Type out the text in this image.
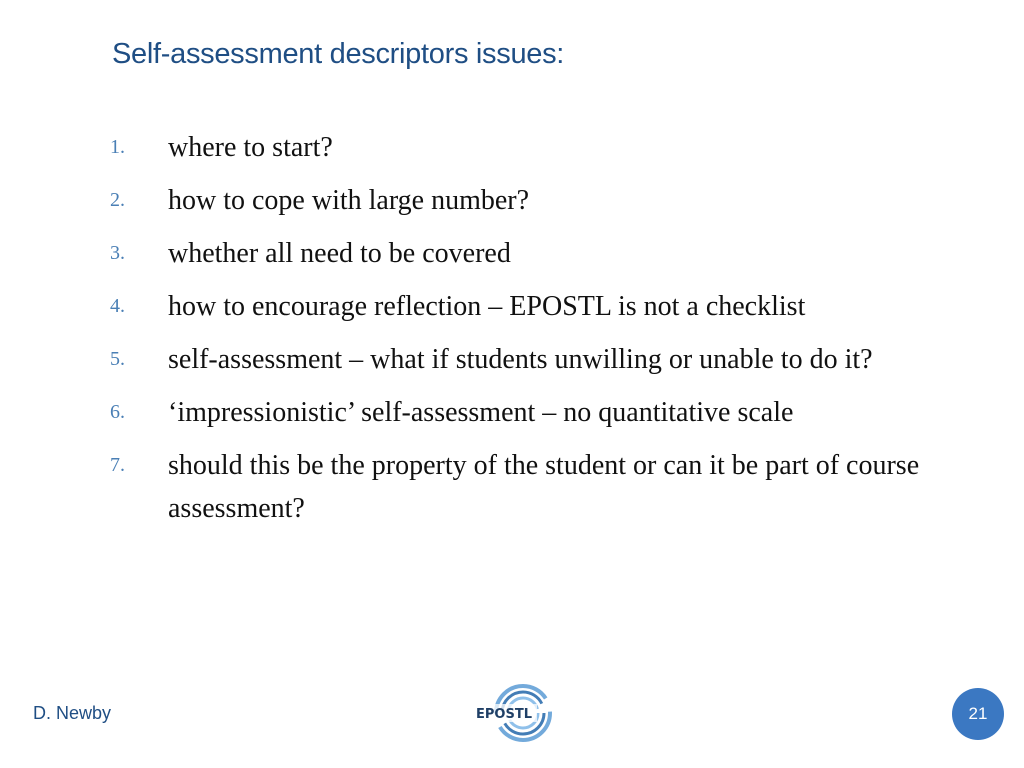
Self-assessment descriptors issues:
1.	where to start?
2.	how to cope with large number?
3.	whether all need to be covered
4.	how to encourage reflection – EPOSTL is not a checklist
5.	self-assessment – what if students unwilling or unable to do it?
6.	‘impressionistic’ self-assessment – no quantitative scale
7.	should this be the property of the student or can it be part of course assessment?
D. Newby	EPOSTL	21
